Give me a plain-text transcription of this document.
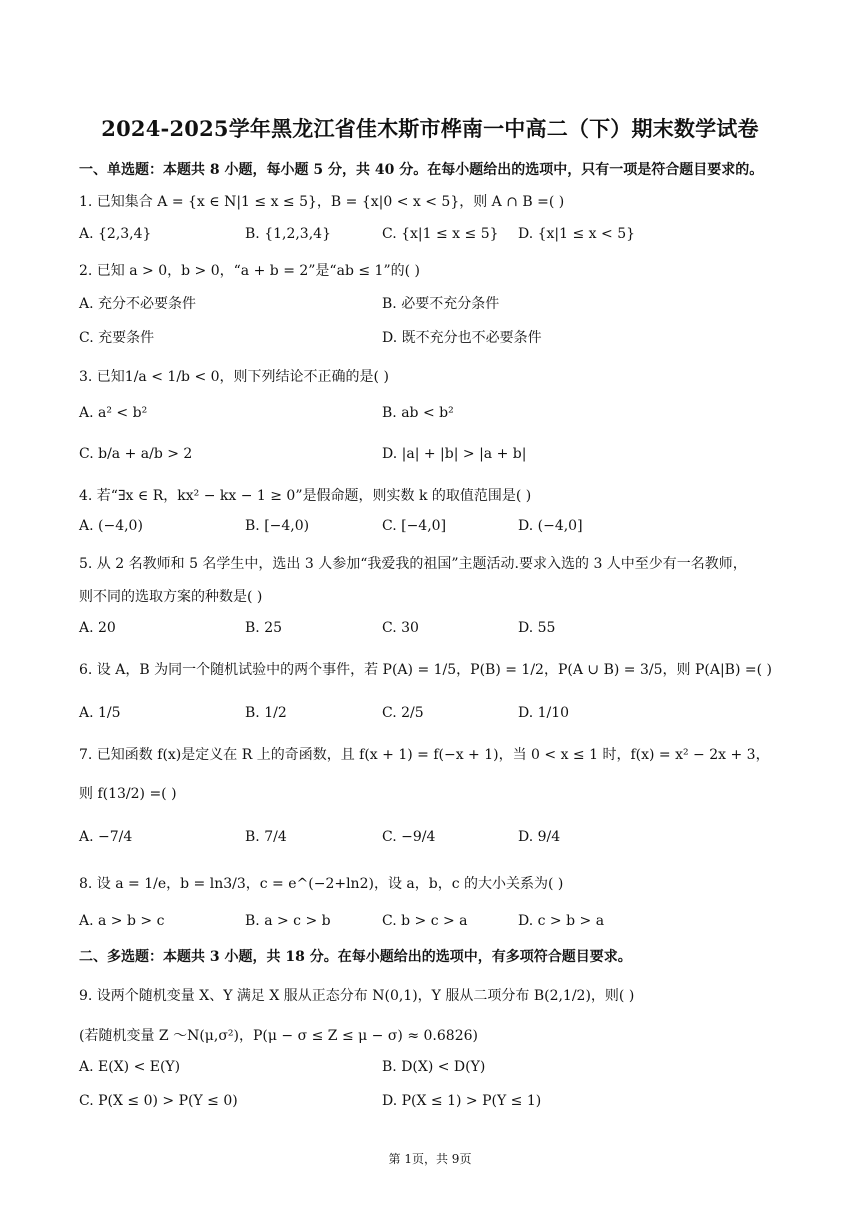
2024-2025学年黑龙江省佳木斯市桦南一中高二（下）期末数学试卷
一、单选题：本题共 8 小题，每小题 5 分，共 40 分。在每小题给出的选项中，只有一项是符合题目要求的。
1. 已知集合 A = {x ∈ N|1 ≤ x ≤ 5}，B = {x|0 < x < 5}，则 A ∩ B =( )
A. {2,3,4}	B. {1,2,3,4}	C. {x|1 ≤ x ≤ 5} D. {x|1 ≤ x < 5}
2. 已知 a > 0，b > 0，“a + b = 2”是“ab ≤ 1”的( )
A. 充分不必要条件	B. 必要不充分条件
C. 充要条件	D. 既不充分也不必要条件
3. 已知1/a < 1/b < 0，则下列结论不正确的是( )
A. a² < b²	B. ab < b²
C. b/a + a/b > 2	D. |a| + |b| > |a + b|
4. 若“∃x ∈ R，kx² − kx − 1 ≥ 0”是假命题，则实数 k 的取值范围是( )
A. (−4,0)	B. [−4,0)	C. [−4,0]	D. (−4,0]
5. 从 2 名教师和 5 名学生中，选出 3 人参加“我爱我的祖国”主题活动.要求入选的 3 人中至少有一名教师，
则不同的选取方案的种数是( )
A. 20	B. 25	C. 30	D. 55
6. 设 A，B 为同一个随机试验中的两个事件，若 P(A) = 1/5，P(B) = 1/2，P(A ∪ B) = 3/5，则 P(A|B) =( )
A. 1/5	B. 1/2	C. 2/5	D. 1/10
7. 已知函数 f(x)是定义在 R 上的奇函数，且 f(x + 1) = f(−x + 1)，当 0 < x ≤ 1 时，f(x) = x² − 2x + 3，
则 f(13/2) =( )
A. −7/4	B. 7/4	C. −9/4	D. 9/4
8. 设 a = 1/e，b = ln3/3，c = e^(−2+ln2)，设 a，b，c 的大小关系为( )
A. a > b > c	B. a > c > b	C. b > c > a	D. c > b > a
二、多选题：本题共 3 小题，共 18 分。在每小题给出的选项中，有多项符合题目要求。
9. 设两个随机变量 X、Y 满足 X 服从正态分布 N(0,1)，Y 服从二项分布 B(2,1/2)，则( )
(若随机变量 Z ～N(μ,σ²)，P(μ − σ ≤ Z ≤ μ − σ) ≈ 0.6826)
A. E(X) < E(Y)	B. D(X) < D(Y)
C. P(X ≤ 0) > P(Y ≤ 0)	D. P(X ≤ 1) > P(Y ≤ 1)
第 1页，共 9页
